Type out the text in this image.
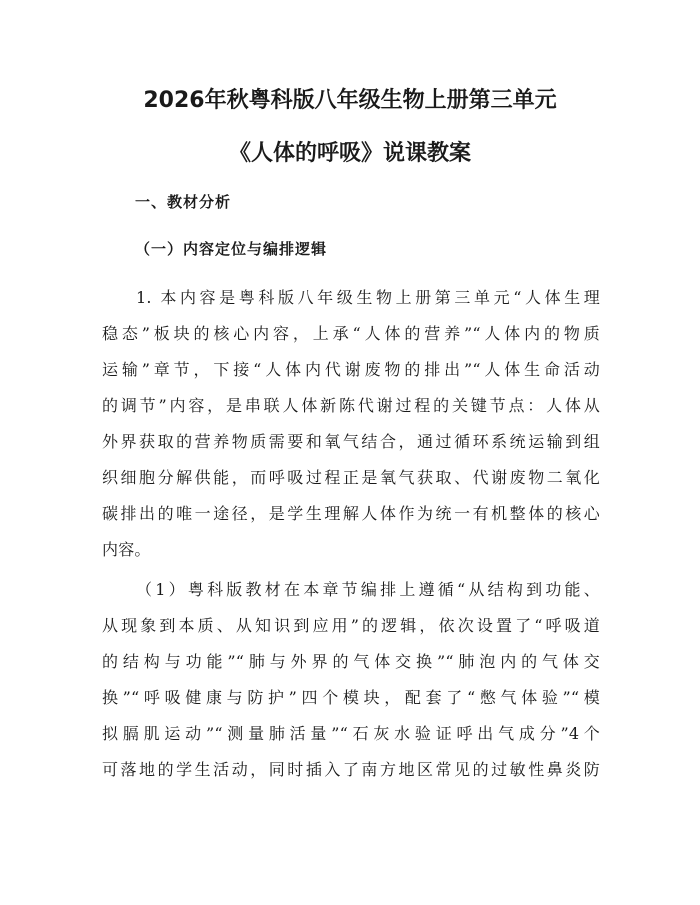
2026年秋粤科版八年级生物上册第三单元
《人体的呼吸》说课教案
一、教材分析
（一）内容定位与编排逻辑
1. 本内容是粤科版八年级生物上册第三单元“人体生理
稳态”板块的核心内容，上承“人体的营养”“人体内的物质
运输”章节，下接“人体内代谢废物的排出”“人体生命活动
的调节”内容，是串联人体新陈代谢过程的关键节点：人体从
外界获取的营养物质需要和氧气结合，通过循环系统运输到组
织细胞分解供能，而呼吸过程正是氧气获取、代谢废物二氧化
碳排出的唯一途径，是学生理解人体作为统一有机整体的核心
内容。
（1）粤科版教材在本章节编排上遵循“从结构到功能、
从现象到本质、从知识到应用”的逻辑，依次设置了“呼吸道
的结构与功能”“肺与外界的气体交换”“肺泡内的气体交
换”“呼吸健康与防护”四个模块，配套了“憋气体验”“模
拟膈肌运动”“测量肺活量”“石灰水验证呼出气成分”4个
可落地的学生活动，同时插入了南方地区常见的过敏性鼻炎防
